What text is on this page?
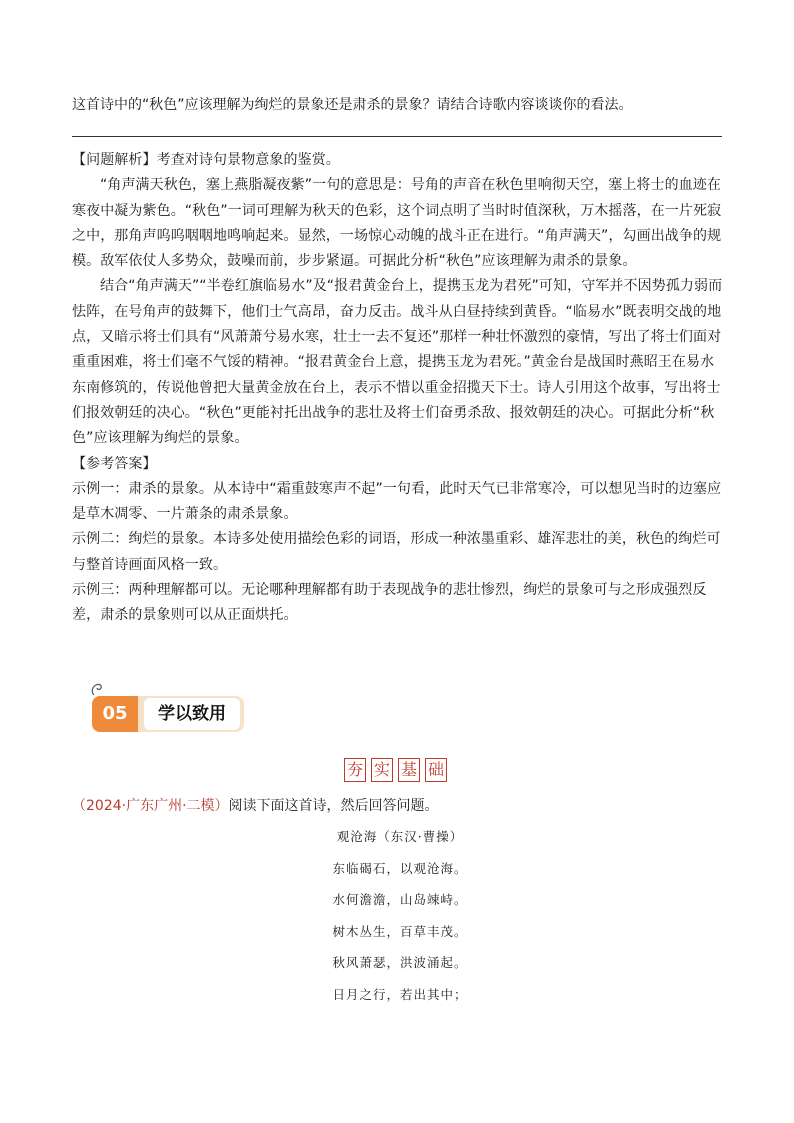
这首诗中的“秋色”应该理解为绚烂的景象还是肃杀的景象？请结合诗歌内容谈谈你的看法。

【问题解析】考查对诗句景物意象的鉴赏。

“角声满天秋色，塞上燕脂凝夜紫”一句的意思是：号角的声音在秋色里响彻天空，塞上将士的血迹在寒夜中凝为紫色。“秋色”一词可理解为秋天的色彩，这个词点明了当时时值深秋，万木摇落，在一片死寂之中，那角声呜呜咽咽地鸣响起来。显然，一场惊心动魄的战斗正在进行。“角声满天”，勾画出战争的规模。敌军依仗人多势众，鼓噪而前，步步紧逼。可据此分析“秋色”应该理解为肃杀的景象。

结合“角声满天”“半卷红旗临易水”及“报君黄金台上，提携玉龙为君死”可知，守军并不因势孤力弱而怯阵，在号角声的鼓舞下，他们士气高昂，奋力反击。战斗从白昼持续到黄昏。“临易水”既表明交战的地点，又暗示将士们具有“风萧萧兮易水寒，壮士一去不复还”那样一种壮怀激烈的豪情，写出了将士们面对重重困难，将士们毫不气馁的精神。“报君黄金台上意，提携玉龙为君死。”黄金台是战国时燕昭王在易水东南修筑的，传说他曾把大量黄金放在台上，表示不惜以重金招揽天下士。诗人引用这个故事，写出将士们报效朝廷的决心。“秋色”更能衬托出战争的悲壮及将士们奋勇杀敌、报效朝廷的决心。可据此分析“秋色”应该理解为绚烂的景象。

【参考答案】

示例一：肃杀的景象。从本诗中“霜重鼓寒声不起”一句看，此时天气已非常寒冷，可以想见当时的边塞应是草木凋零、一片萧条的肃杀景象。

示例二：绚烂的景象。本诗多处使用描绘色彩的词语，形成一种浓墨重彩、雄浑悲壮的美，秋色的绚烂可与整首诗画面风格一致。

示例三：两种理解都可以。无论哪种理解都有助于表现战争的悲壮惨烈，绚烂的景象可与之形成强烈反差，肃杀的景象则可以从正面烘托。

05	学以致用
夯 实 基 础
（2024·广东广州·二模）阅读下面这首诗，然后回答问题。
观沧海（东汉·曹操）
东临碣石，以观沧海。
水何澹澹，山岛竦峙。
树木丛生，百草丰茂。
秋风萧瑟，洪波涌起。
日月之行，若出其中；
